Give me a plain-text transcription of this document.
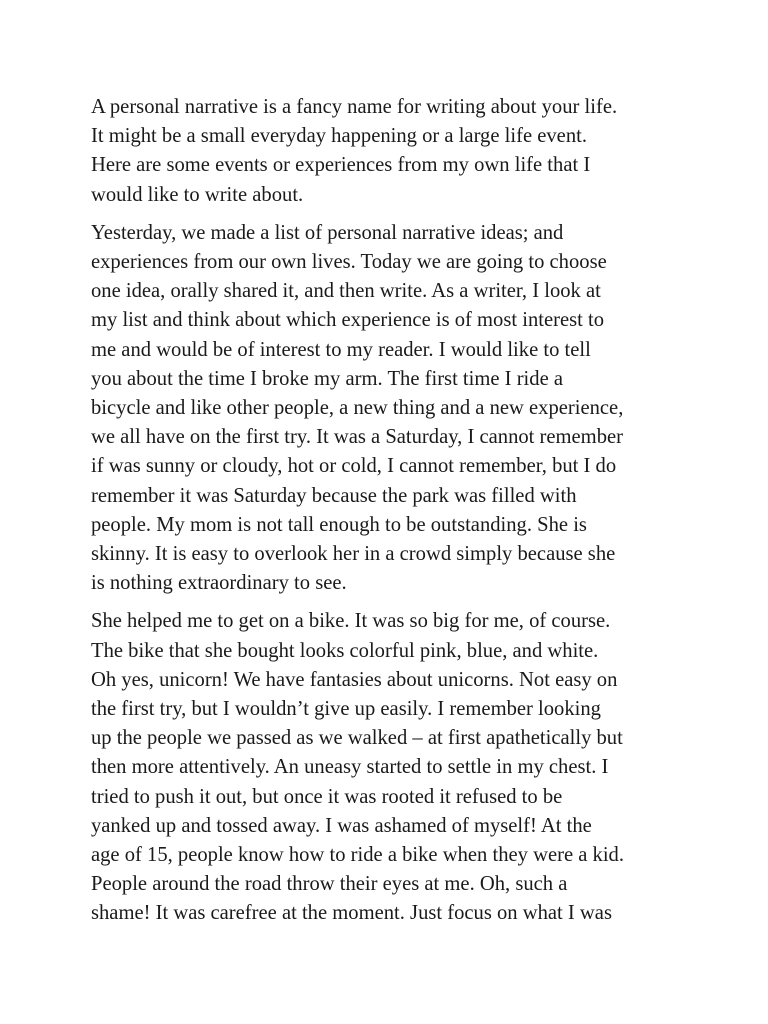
A personal narrative is a fancy name for writing about your life.
It might be a small everyday happening or a large life event.
Here are some events or experiences from my own life that I
would like to write about.

Yesterday, we made a list of personal narrative ideas; and
experiences from our own lives. Today we are going to choose
one idea, orally shared it, and then write. As a writer, I look at
my list and think about which experience is of most interest to
me and would be of interest to my reader. I would like to tell
you about the time I broke my arm. The first time I ride a
bicycle and like other people, a new thing and a new experience,
we all have on the first try. It was a Saturday, I cannot remember
if was sunny or cloudy, hot or cold, I cannot remember, but I do
remember it was Saturday because the park was filled with
people. My mom is not tall enough to be outstanding. She is
skinny. It is easy to overlook her in a crowd simply because she
is nothing extraordinary to see.

She helped me to get on a bike. It was so big for me, of course.
The bike that she bought looks colorful pink, blue, and white.
Oh yes, unicorn! We have fantasies about unicorns. Not easy on
the first try, but I wouldn’t give up easily. I remember looking
up the people we passed as we walked – at first apathetically but
then more attentively. An uneasy started to settle in my chest. I
tried to push it out, but once it was rooted it refused to be
yanked up and tossed away. I was ashamed of myself! At the
age of 15, people know how to ride a bike when they were a kid.
People around the road throw their eyes at me. Oh, such a
shame! It was carefree at the moment. Just focus on what I was
